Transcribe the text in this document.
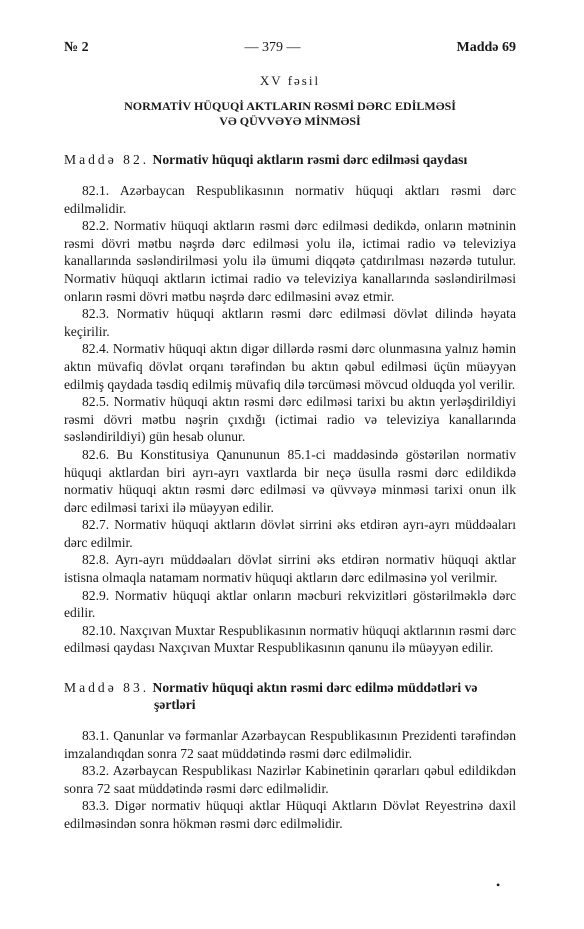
№ 2	— 379 —	Maddə 69
XV fəsil
NORMATİV HÜQUQİ AKTLARIN RƏSMİ DƏRC EDİLMƏSİ
VƏ QÜVVƏYƏ MİNMƏSİ
Maddə 82. Normativ hüquqi aktların rəsmi dərc edilməsi qaydası

82.1. Azərbaycan Respublikasının normativ hüquqi aktları rəsmi dərc edilməlidir.

82.2. Normativ hüquqi aktların rəsmi dərc edilməsi dedikdə, onların mətninin rəsmi dövri mətbu nəşrdə dərc edilməsi yolu ilə, ictimai radio və televiziya kanallarında səsləndirilməsi yolu ilə ümumi diqqətə çatdırılması nəzərdə tutulur. Normativ hüquqi aktların ictimai radio və televiziya kanallarında səsləndirilməsi onların rəsmi dövri mətbu nəşrdə dərc edilməsini əvəz etmir.

82.3. Normativ hüquqi aktların rəsmi dərc edilməsi dövlət dilində həyata keçirilir.

82.4. Normativ hüquqi aktın digər dillərdə rəsmi dərc olunmasına yalnız həmin aktın müvafiq dövlət orqanı tərəfindən bu aktın qəbul edilməsi üçün müəyyən edilmiş qaydada təsdiq edilmiş müvafiq dilə tərcüməsi mövcud olduqda yol verilir.

82.5. Normativ hüquqi aktın rəsmi dərc edilməsi tarixi bu aktın yerləşdirildiyi rəsmi dövri mətbu nəşrin çıxdığı (ictimai radio və televiziya kanallarında səsləndirildiyi) gün hesab olunur.

82.6. Bu Konstitusiya Qanununun 85.1-ci maddəsində göstərilən normativ hüquqi aktlardan biri ayrı-ayrı vaxtlarda bir neçə üsulla rəsmi dərc edildikdə normativ hüquqi aktın rəsmi dərc edilməsi və qüvvəyə minməsi tarixi onun ilk dərc edilməsi tarixi ilə müəyyən edilir.

82.7. Normativ hüquqi aktların dövlət sirrini əks etdirən ayrı-ayrı müddəaları dərc edilmir.

82.8. Ayrı-ayrı müddəaları dövlət sirrini əks etdirən normativ hüquqi aktlar istisna olmaqla natamam normativ hüquqi aktların dərc edilməsinə yol verilmir.

82.9. Normativ hüquqi aktlar onların məcburi rekvizitləri göstərilməklə dərc edilir.

82.10. Naxçıvan Muxtar Respublikasının normativ hüquqi aktlarının rəsmi dərc edilməsi qaydası Naxçıvan Muxtar Respublikasının qanunu ilə müəyyən edilir.

Maddə 83. Normativ hüquqi aktın rəsmi dərc edilmə müddətləri və
şərtləri

83.1. Qanunlar və fərmanlar Azərbaycan Respublikasının Prezidenti tərəfindən imzalandıqdan sonra 72 saat müddətində rəsmi dərc edilməlidir.

83.2. Azərbaycan Respublikası Nazirlər Kabinetinin qərarları qəbul edildikdən sonra 72 saat müddətində rəsmi dərc edilməlidir.

83.3. Digər normativ hüquqi aktlar Hüquqi Aktların Dövlət Reyestrinə daxil edilməsindən sonra hökmən rəsmi dərc edilməlidir.

•
